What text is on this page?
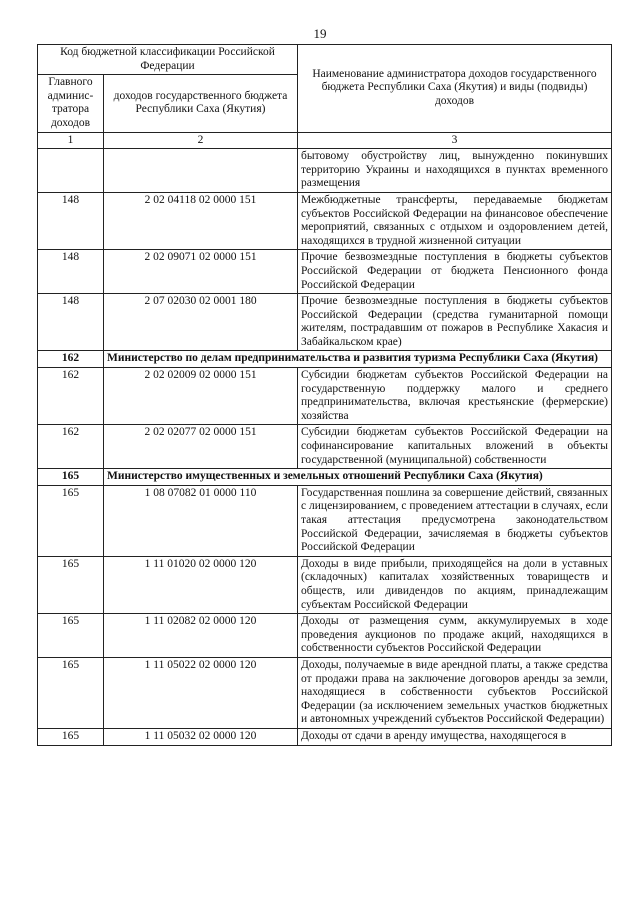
19
Код бюджетной классификации Российской Федерации		Наименование администратора доходов государственного бюджета Республики Саха (Якутия) и виды (подвиды) доходов
Главного админис-тратора доходов	доходов государственного бюджета Республики Саха (Якутия)	
1	2	3
		бытовому обустройству лиц, вынужденно покинувших территорию Украины и находящихся в пунктах временного размещения
148	2 02 04118 02 0000 151	Межбюджетные трансферты, передаваемые бюджетам субъектов Российской Федерации на финансовое обеспечение мероприятий, связанных с отдыхом и оздоровлением детей, находящихся в трудной жизненной ситуации
148	2 02 09071 02 0000 151	Прочие безвозмездные поступления в бюджеты субъектов Российской Федерации от бюджета Пенсионного фонда Российской Федерации
148	2 07 02030 02 0001 180	Прочие безвозмездные поступления в бюджеты субъектов Российской Федерации (средства гуманитарной помощи жителям, пострадавшим от пожаров в Республике Хакасия и Забайкальском крае)
162	Министерство по делам предпринимательства и развития туризма Республики Саха (Якутия)	
162	2 02 02009 02 0000 151	Субсидии бюджетам субъектов Российской Федерации на государственную поддержку малого и среднего предпринимательства, включая крестьянские (фермерские) хозяйства
162	2 02 02077 02 0000 151	Субсидии бюджетам субъектов Российской Федерации на софинансирование капитальных вложений в объекты государственной (муниципальной) собственности
165	Министерство имущественных и земельных отношений Республики Саха (Якутия)	
165	1 08 07082 01 0000 110	Государственная пошлина за совершение действий, связанных с лицензированием, с проведением аттестации в случаях, если такая аттестация предусмотрена законодательством Российской Федерации, зачисляемая в бюджеты субъектов Российской Федерации
165	1 11 01020 02 0000 120	Доходы в виде прибыли, приходящейся на доли в уставных (складочных) капиталах хозяйственных товариществ и обществ, или дивидендов по акциям, принадлежащим субъектам Российской Федерации
165	1 11 02082 02 0000 120	Доходы от размещения сумм, аккумулируемых в ходе проведения аукционов по продаже акций, находящихся в собственности субъектов Российской Федерации
165	1 11 05022 02 0000 120	Доходы, получаемые в виде арендной платы, а также средства от продажи права на заключение договоров аренды за земли, находящиеся в собственности субъектов Российской Федерации (за исключением земельных участков бюджетных и автономных учреждений субъектов Российской Федерации)
165	1 11 05032 02 0000 120	Доходы от сдачи в аренду имущества, находящегося в
